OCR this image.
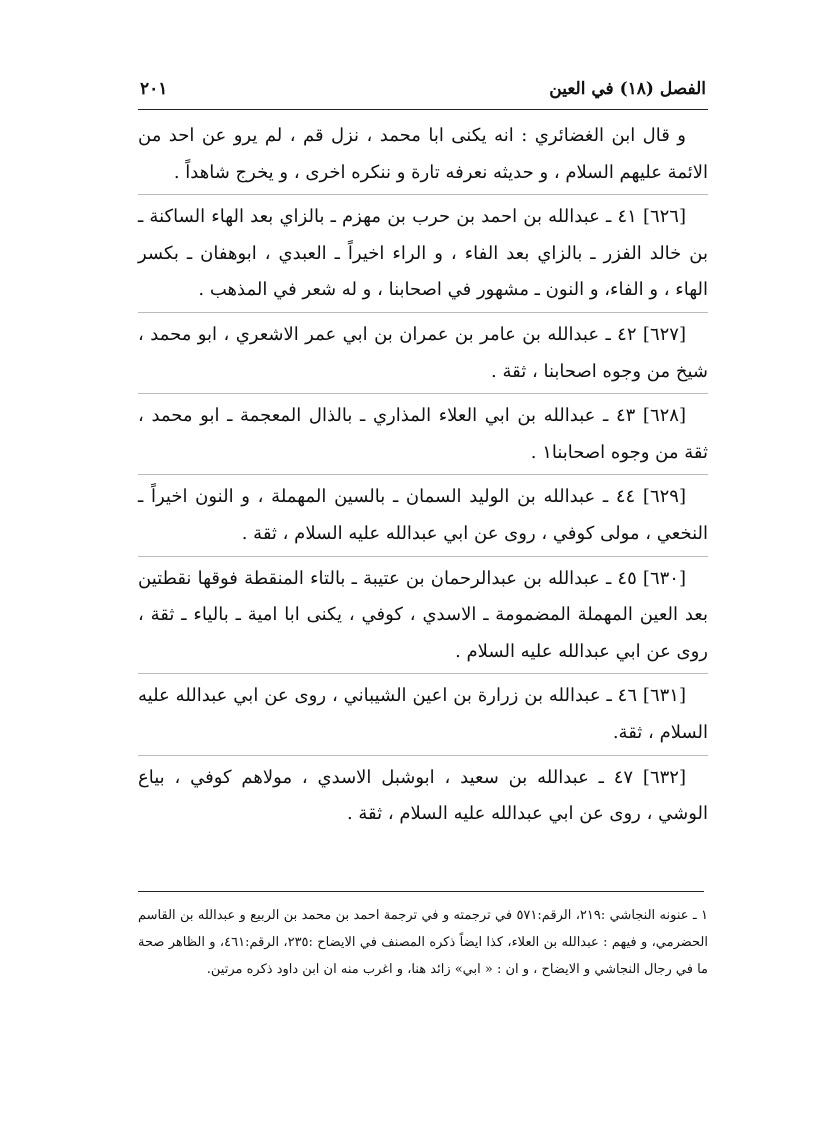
الفصل (١٨) في العين
٢٠١

و قال ابن الغضائري : انه يكنى ابا محمد ، نزل قم ، لم يرو عن احد من الائمة عليهم السلام ، و حديثه نعرفه تارة و ننكره اخرى ، و يخرج شاهداً .

[٦٢٦] ٤١ ـ عبدالله بن احمد بن حرب بن مهزم ـ بالزاي بعد الهاء الساكنة ـ بن خالد الفزر ـ بالزاي بعد الفاء ، و الراء اخيراً ـ العبدي ، ابوهفان ـ بكسر الهاء ، و الفاء، و النون ـ مشهور في اصحابنا ، و له شعر في المذهب .

[٦٢٧] ٤٢ ـ عبدالله بن عامر بن عمران بن ابي عمر الاشعري ، ابو محمد ، شيخ من وجوه اصحابنا ، ثقة .

[٦٢٨] ٤٣ ـ عبدالله بن ابي العلاء المذاري ـ بالذال المعجمة ـ ابو محمد ، ثقة من وجوه اصحابنا١ .

[٦٢٩] ٤٤ ـ عبدالله بن الوليد السمان ـ بالسين المهملة ، و النون اخيراً ـ النخعي ، مولى كوفي ، روى عن ابي عبدالله عليه السلام ، ثقة .

[٦٣٠] ٤٥ ـ عبدالله بن عبدالرحمان بن عتيبة ـ بالتاء المنقطة فوقها نقطتين بعد العين المهملة المضمومة ـ الاسدي ، كوفي ، يكنى ابا امية ـ بالياء ـ ثقة ، روى عن ابي عبدالله عليه السلام .

[٦٣١] ٤٦ ـ عبدالله بن زرارة بن اعين الشيباني ، روى عن ابي عبدالله عليه السلام ، ثقة.

[٦٣٢] ٤٧ ـ عبدالله بن سعيد ، ابوشبل الاسدي ، مولاهم كوفي ، بياع الوشي ، روى عن ابي عبدالله عليه السلام ، ثقة .

١ ـ عنونه النجاشي :٢١٩، الرقم:٥٧١ في ترجمته و في ترجمة احمد بن محمد بن الربيع و عبدالله بن القاسم الحضرمي، و فيهم : عبدالله بن العلاء، كذا ايضاً ذكره المصنف في الايضاح :٢٣٥، الرقم:٤٦١، و الظاهر صحة ما في رجال النجاشي و الايضاح ، و ان : « ابي» زائد هنا، و اغرب منه ان ابن داود ذكره مرتين.
